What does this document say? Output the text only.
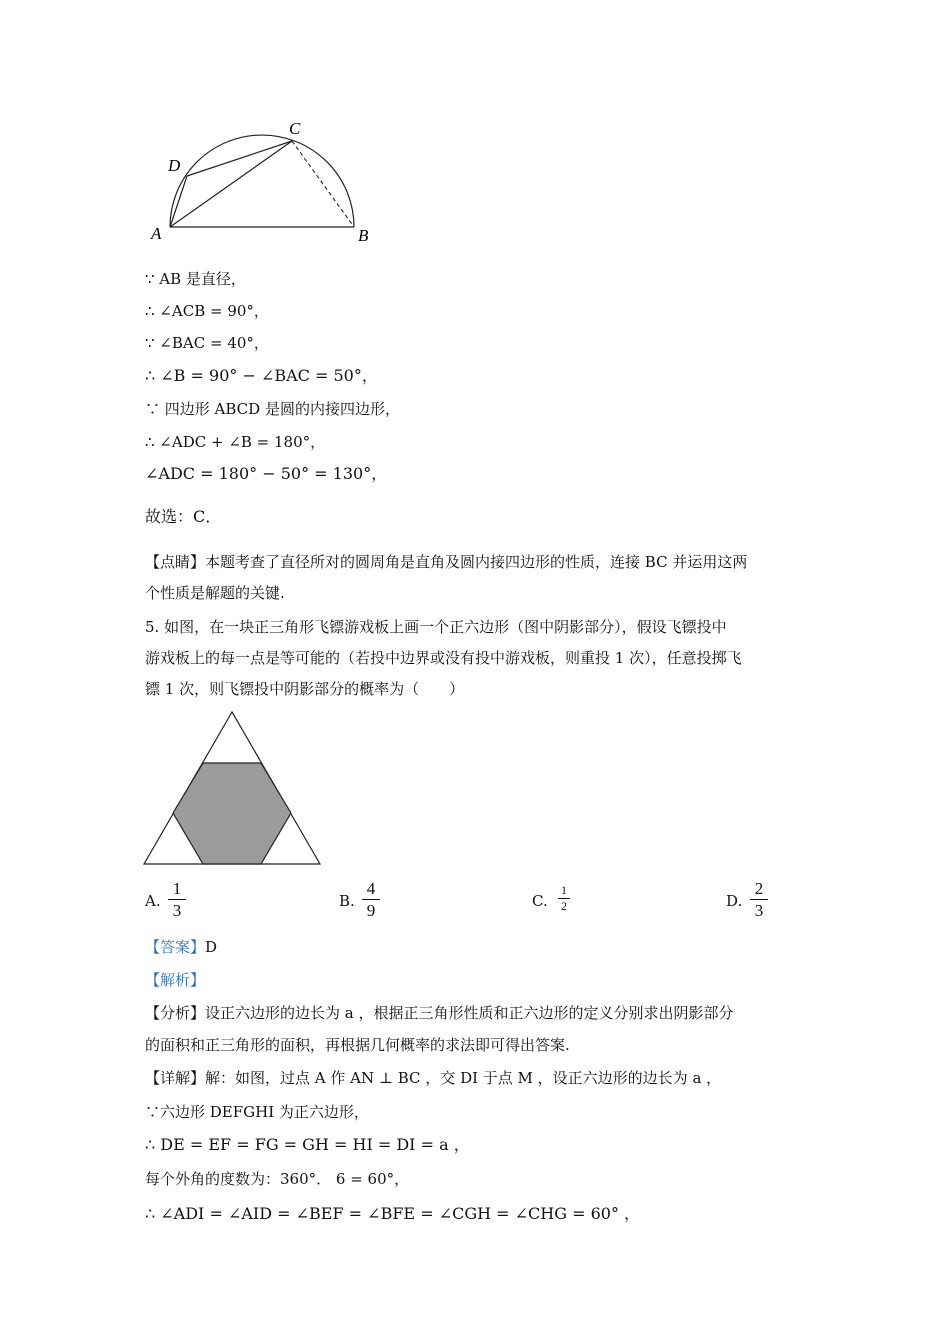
A	B
C
D
∵ AB 是直径，
∴ ∠ACB = 90°，
∵ ∠BAC = 40°，
∴ ∠B = 90° − ∠BAC = 50°，
∵ 四边形 ABCD 是圆的内接四边形，
∴ ∠ADC + ∠B = 180°，
∠ADC = 180° − 50° = 130°，
故选：C．
【点睛】本题考查了直径所对的圆周角是直角及圆内接四边形的性质，连接 BC 并运用这两
个性质是解题的关键.
5. 如图，在一块正三角形飞镖游戏板上画一个正六边形（图中阴影部分），假设飞镖投中
游戏板上的每一点是等可能的（若投中边界或没有投中游戏板，则重投 1 次），任意投掷飞
镖 1 次，则飞镖投中阴影部分的概率为（　　）
A.
1
3	B.
4
9	C.
1
2	D.
2
3
【答案】D
【解析】
【分析】设正六边形的边长为 a ，根据正三角形性质和正六边形的定义分别求出阴影部分
的面积和正三角形的面积，再根据几何概率的求法即可得出答案.
【详解】解：如图，过点 A 作 AN ⊥ BC ，交 DI 于点 M ，设正六边形的边长为 a ，
∵六边形 DEFGHI 为正六边形，
∴ DE = EF = FG = GH = HI = DI = a ，
每个外角的度数为：360°． 6 = 60°，
∴ ∠ADI = ∠AID = ∠BEF = ∠BFE = ∠CGH = ∠CHG = 60° ，
